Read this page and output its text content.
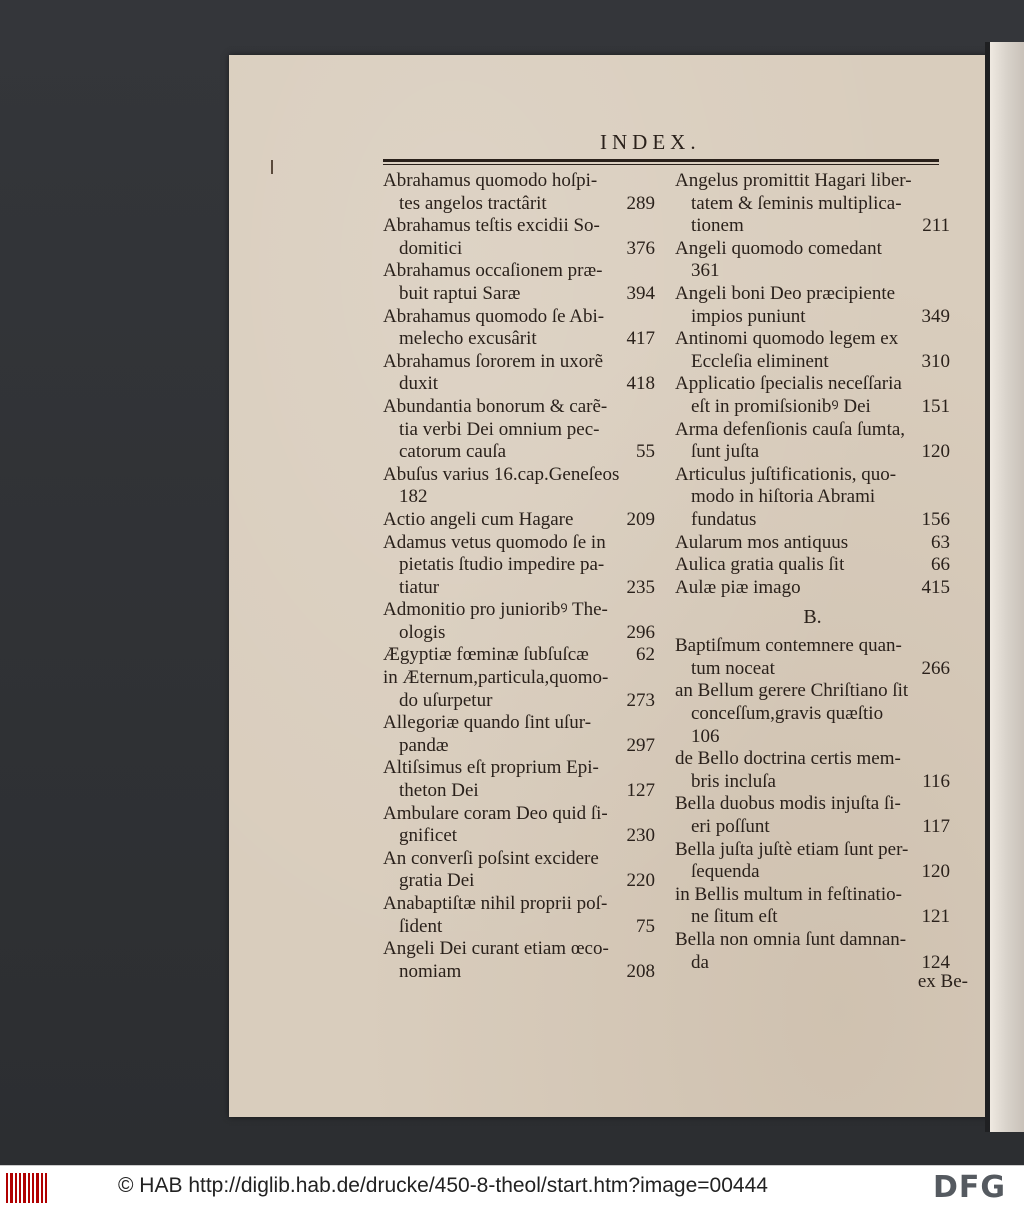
INDEX.
Abrahamus quomodo hoſpi-
tes angelos tractârit	289
Abrahamus teſtis excidii So-
domitici	376
Abrahamus occaſionem præ-
buit raptui Saræ	394
Abrahamus quomodo ſe Abi-
melecho excusârit	417
Abrahamus ſororem in uxorẽ
duxit	418
Abundantia bonorum & carẽ-
tia verbi Dei omnium pec-
catorum cauſa	55
Abuſus varius 16.cap.Geneſeos
182
Actio angeli cum Hagare	209
Adamus vetus quomodo ſe in
pietatis ſtudio impedire pa-
tiatur	235
Admonitio pro junioribꝰ The-
ologis	296
Ægyptiæ fœminæ ſubſuſcæ 62
in Æternum,particula,quomo-
do uſurpetur	273
Allegoriæ quando ſint uſur-
pandæ	297
Altiſsimus eſt proprium Epi-
theton Dei	127
Ambulare coram Deo quid ſi-
gnificet	230
An converſi poſsint excidere
gratia Dei	220
Anabaptiſtæ nihil proprii poſ-
ſident	75
Angeli Dei curant etiam œco-
nomiam	208
Angelus promittit Hagari liber-
tatem & ſeminis multiplica-
tionem	211
Angeli quomodo comedant
361
Angeli boni Deo præcipiente
impios puniunt	349
Antinomi quomodo legem ex
Eccleſia eliminent	310
Applicatio ſpecialis neceſſaria
eſt in promiſsionibꝰ Dei	151
Arma defenſionis cauſa ſumta,
ſunt juſta	120
Articulus juſtificationis, quo-
modo in hiſtoria Abrami
fundatus	156
Aularum mos antiquus	63
Aulica gratia qualis ſit	66
Aulæ piæ imago	415
B.
Baptiſmum contemnere quan-
tum noceat	266
an Bellum gerere Chriſtiano ſit
conceſſum,gravis quæſtio
106
de Bello doctrina certis mem-
bris incluſa	116
Bella duobus modis injuſta ſi-
eri poſſunt	117
Bella juſta juſtè etiam ſunt per-
ſequenda	120
in Bellis multum in feſtinatio-
ne ſitum eſt	121
Bella non omnia ſunt damnan-
da	124
ex Be-
© HAB http://diglib.hab.de/drucke/450-8-theol/start.htm?image=00444	DFG
